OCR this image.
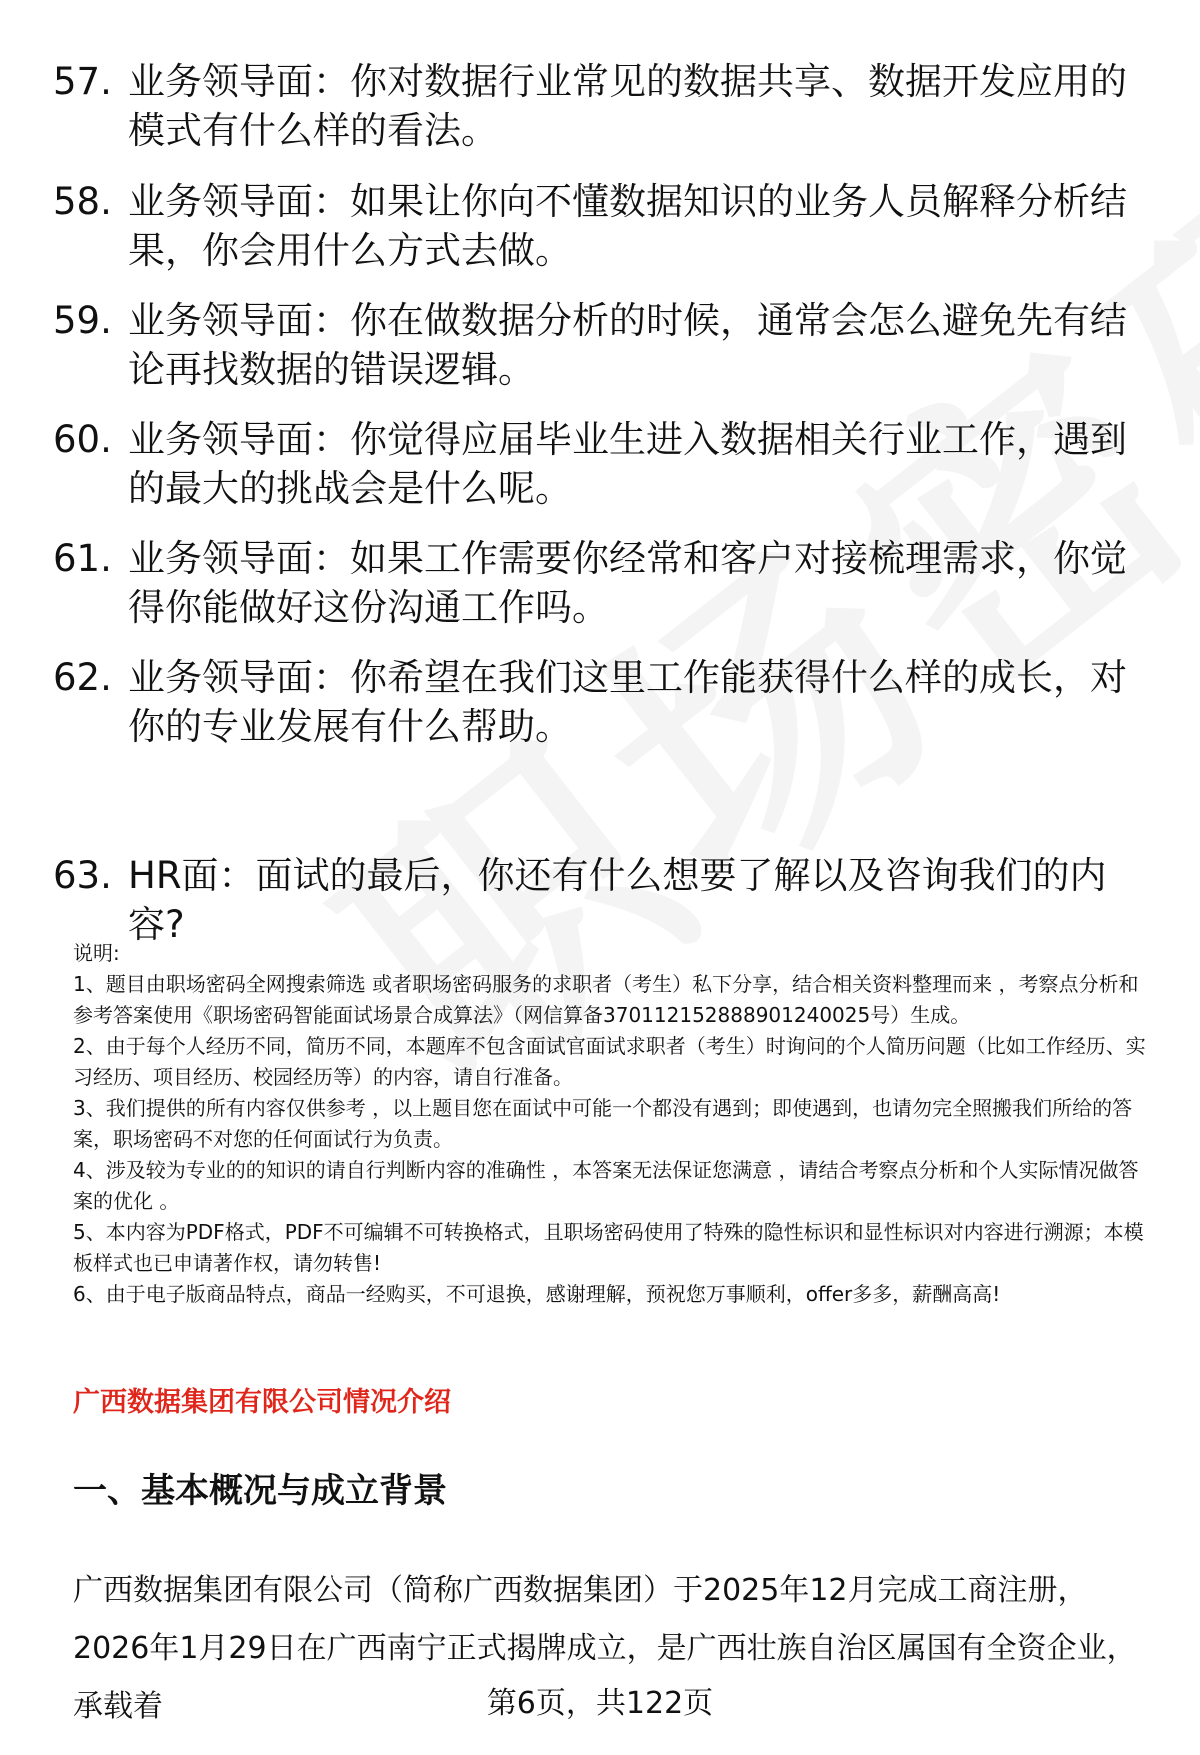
57. 业务领导面：你对数据行业常见的数据共享、数据开发应用的模式有什么样的看法。
58. 业务领导面：如果让你向不懂数据知识的业务人员解释分析结果，你会用什么方式去做。
59. 业务领导面：你在做数据分析的时候，通常会怎么避免先有结论再找数据的错误逻辑。
60. 业务领导面：你觉得应届毕业生进入数据相关行业工作，遇到的最大的挑战会是什么呢。
61. 业务领导面：如果工作需要你经常和客户对接梳理需求，你觉得你能做好这份沟通工作吗。
62. 业务领导面：你希望在我们这里工作能获得什么样的成长，对你的专业发展有什么帮助。
63. HR面：面试的最后，你还有什么想要了解以及咨询我们的内容?

说明:

1、题目由职场密码全网搜索筛选 或者职场密码服务的求职者（考生）私下分享，结合相关资料整理而来 ，考察点分析和参考答案使用《职场密码智能面试场景合成算法》（网信算备370112152888901240025号）生成。

2、由于每个人经历不同，简历不同，本题库不包含面试官面试求职者（考生）时询问的个人简历问题（比如工作经历、实习经历、项目经历、校园经历等）的内容，请自行准备。

3、我们提供的所有内容仅供参考 ，以上题目您在面试中可能一个都没有遇到；即使遇到，也请勿完全照搬我们所给的答案，职场密码不对您的任何面试行为负责。

4、涉及较为专业的的知识的请自行判断内容的准确性 ，本答案无法保证您满意 ，请结合考察点分析和个人实际情况做答案的优化 。

5、本内容为PDF格式，PDF不可编辑不可转换格式，且职场密码使用了特殊的隐性标识和显性标识对内容进行溯源；本模板样式也已申请著作权，请勿转售!

6、由于电子版商品特点，商品一经购买，不可退换，感谢理解，预祝您万事顺利，offer多多，薪酬高高!

广西数据集团有限公司情况介绍
一、基本概况与成立背景

广西数据集团有限公司（简称广西数据集团）于2025年12月完成工商注册，2026年1月29日在广西南宁正式揭牌成立，是广西壮族自治区属国有全资企业，承载着	第6页，共122页
